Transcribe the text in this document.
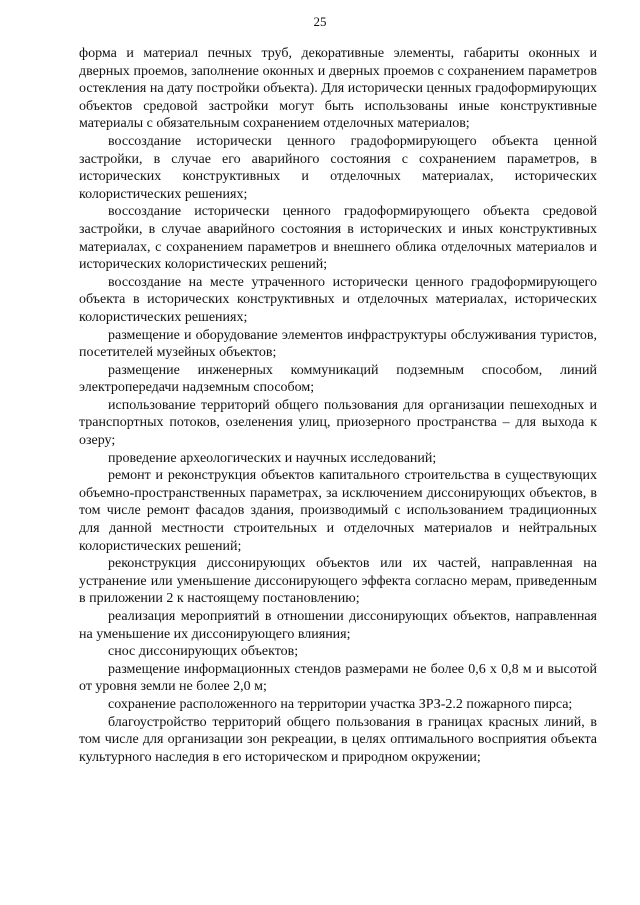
25

форма и материал печных труб, декоративные элементы, габариты оконных и дверных проемов, заполнение оконных и дверных проемов с сохранением параметров остекления на дату постройки объекта). Для исторически ценных градоформирующих объектов средовой застройки могут быть использованы иные конструктивные материалы с обязательным сохранением отделочных материалов;

воссоздание исторически ценного градоформирующего объекта ценной застройки, в случае его аварийного состояния с сохранением параметров, в исторических конструктивных и отделочных материалах, исторических колористических решениях;

воссоздание исторически ценного градоформирующего объекта средовой застройки, в случае аварийного состояния в исторических и иных конструктивных материалах, с сохранением параметров и внешнего облика отделочных материалов и исторических колористических решений;

воссоздание на месте утраченного исторически ценного градоформирующего объекта в исторических конструктивных и отделочных материалах, исторических колористических решениях;

размещение и оборудование элементов инфраструктуры обслуживания туристов, посетителей музейных объектов;

размещение инженерных коммуникаций подземным способом, линий электропередачи надземным способом;

использование территорий общего пользования для организации пешеходных и транспортных потоков, озеленения улиц, приозерного пространства – для выхода к озеру;

проведение археологических и научных исследований;

ремонт и реконструкция объектов капитального строительства в существующих объемно-пространственных параметрах, за исключением диссонирующих объектов, в том числе ремонт фасадов здания, производимый с использованием традиционных для данной местности строительных и отделочных материалов и нейтральных колористических решений;

реконструкция диссонирующих объектов или их частей, направленная на устранение или уменьшение диссонирующего эффекта согласно мерам, приведенным в приложении 2 к настоящему постановлению;

реализация мероприятий в отношении диссонирующих объектов, направленная на уменьшение их диссонирующего влияния;

снос диссонирующих объектов;

размещение информационных стендов размерами не более 0,6 х 0,8 м и высотой от уровня земли не более 2,0 м;

сохранение расположенного на территории участка ЗРЗ-2.2 пожарного пирса;

благоустройство территорий общего пользования в границах красных линий, в том числе для организации зон рекреации, в целях оптимального восприятия объекта культурного наследия в его историческом и природном окружении;
